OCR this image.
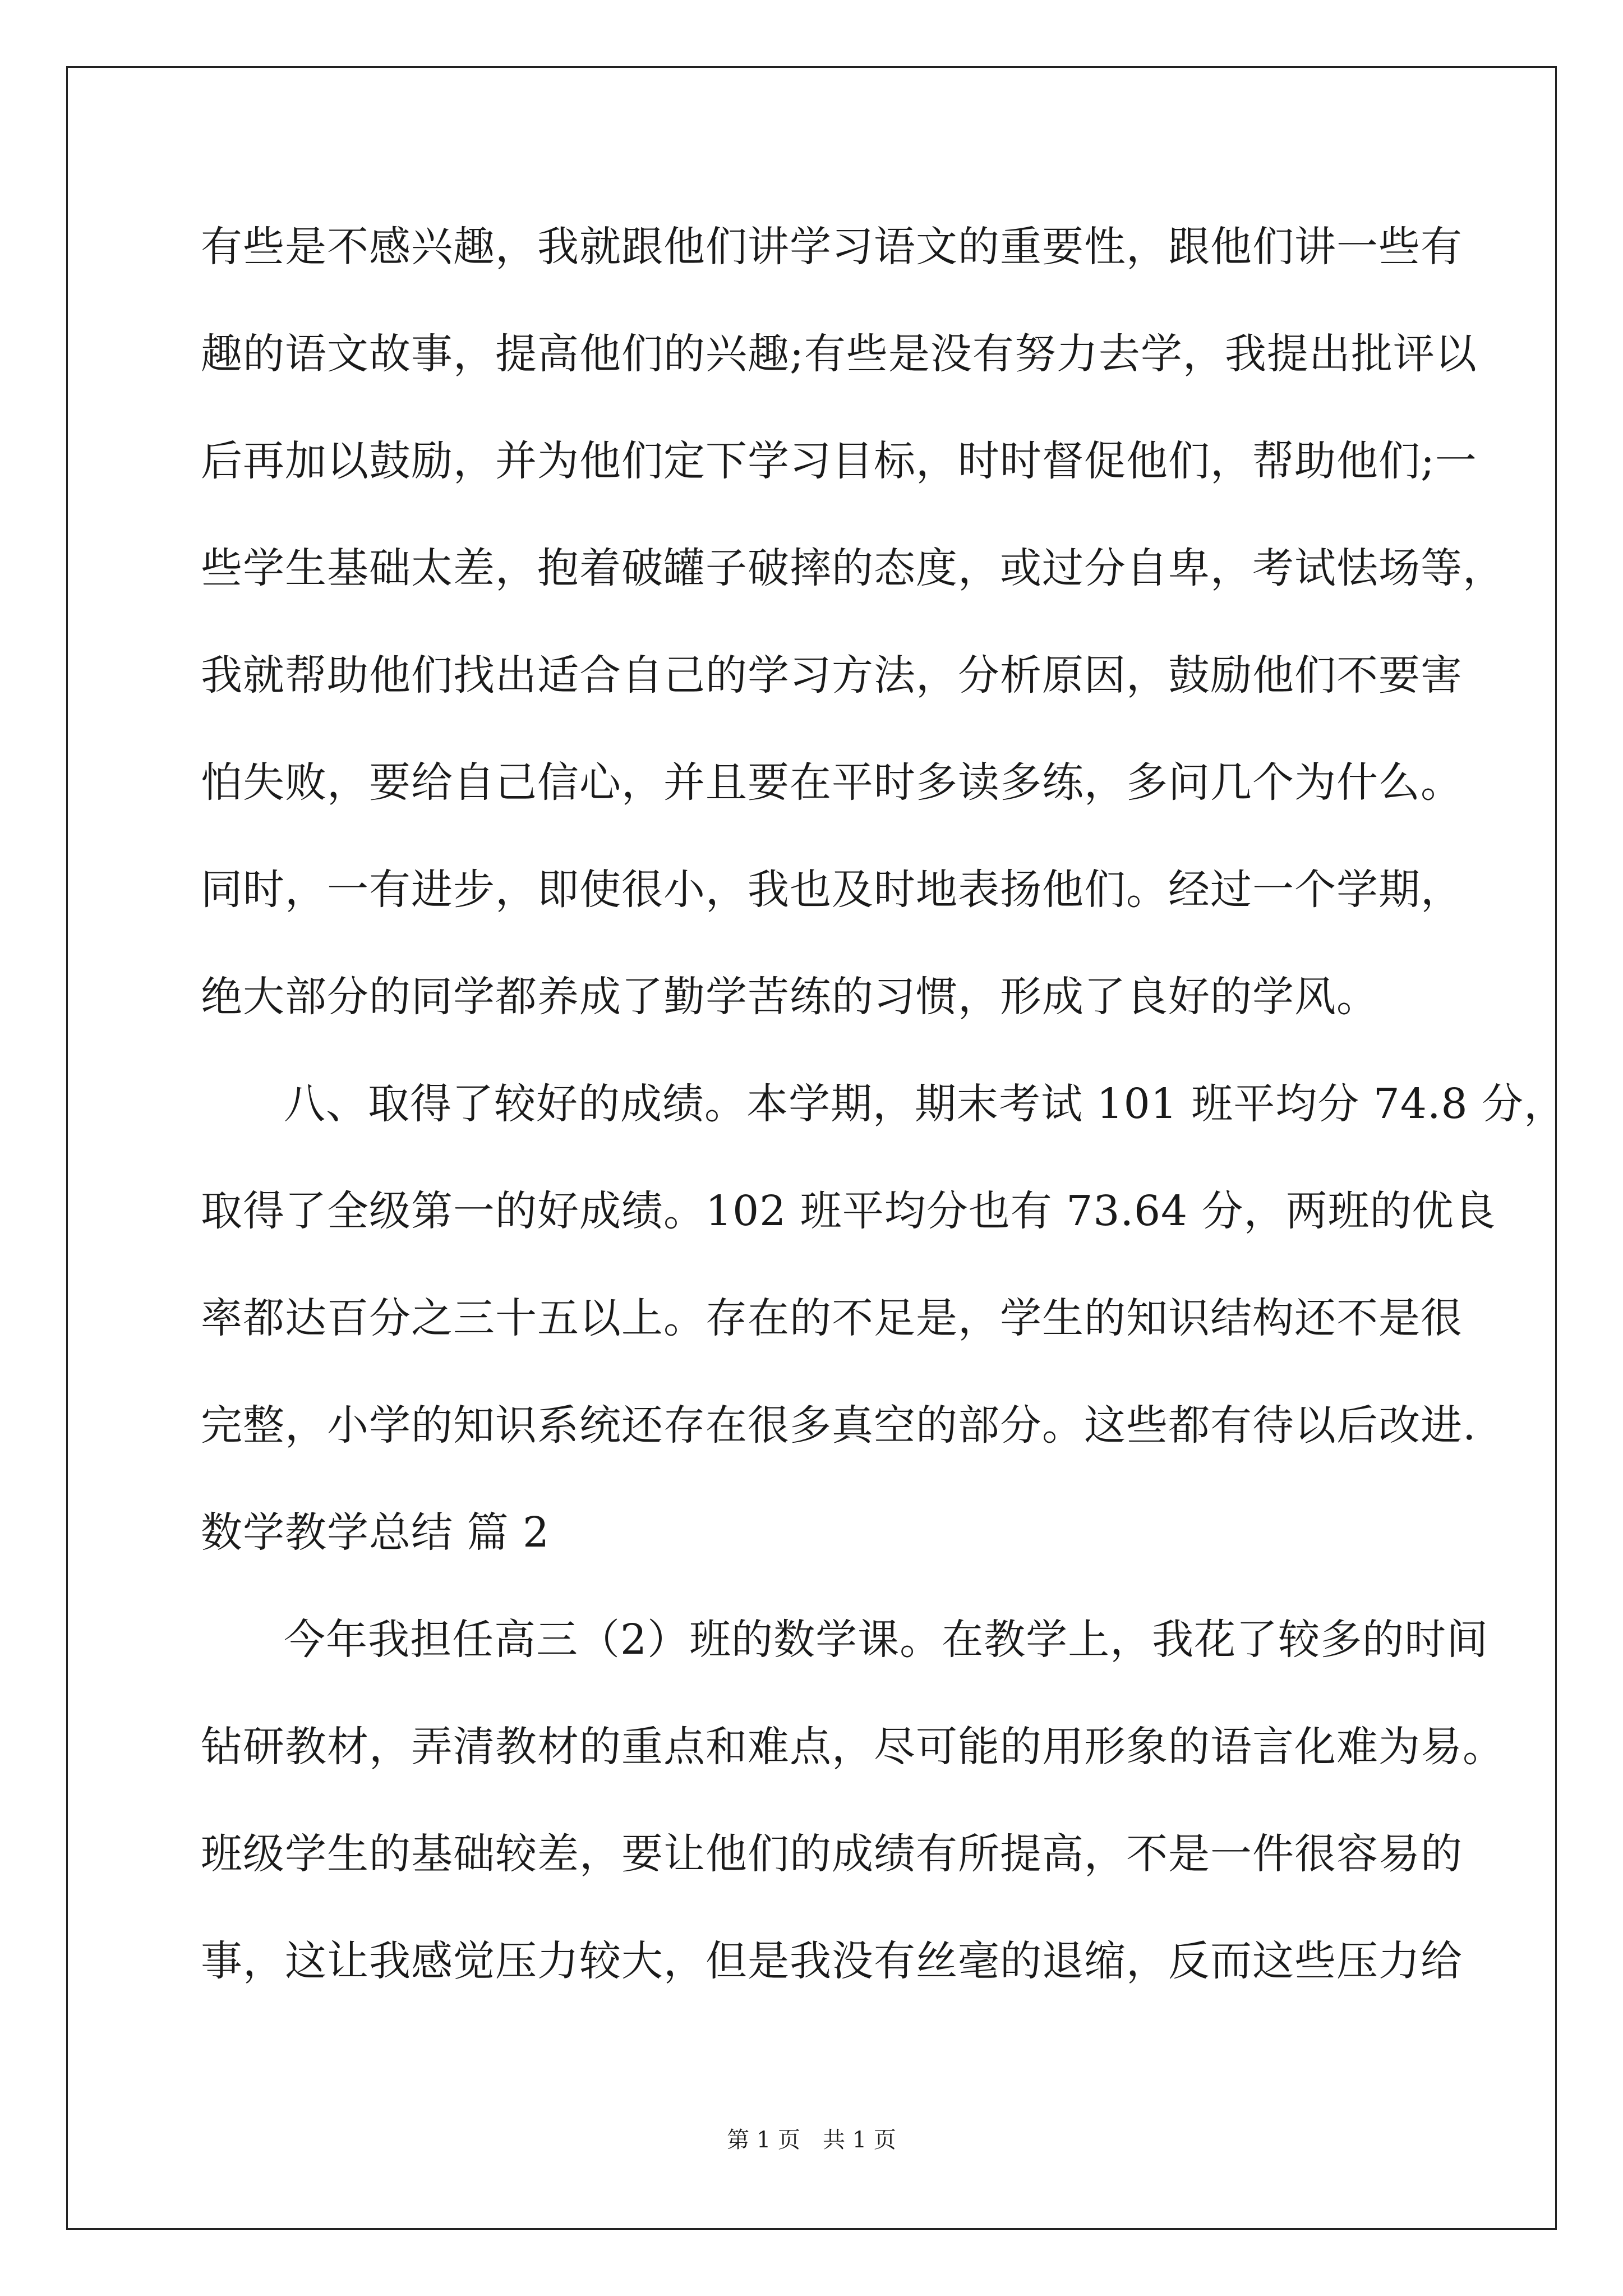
有些是不感兴趣，我就跟他们讲学习语文的重要性，跟他们讲一些有
趣的语文故事，提高他们的兴趣;有些是没有努力去学，我提出批评以
后再加以鼓励，并为他们定下学习目标，时时督促他们，帮助他们;一
些学生基础太差，抱着破罐子破摔的态度，或过分自卑，考试怯场等，
我就帮助他们找出适合自己的学习方法，分析原因，鼓励他们不要害
怕失败，要给自己信心，并且要在平时多读多练，多问几个为什么。
同时，一有进步，即使很小，我也及时地表扬他们。经过一个学期，
绝大部分的同学都养成了勤学苦练的习惯，形成了良好的学风。
八、取得了较好的成绩。本学期，期末考试 101 班平均分 74.8 分，
取得了全级第一的好成绩。102 班平均分也有 73.64 分，两班的优良
率都达百分之三十五以上。存在的不足是，学生的知识结构还不是很
完整，小学的知识系统还存在很多真空的部分。这些都有待以后改进.
数学教学总结 篇 2
今年我担任高三（2）班的数学课。在教学上，我花了较多的时间
钻研教材，弄清教材的重点和难点，尽可能的用形象的语言化难为易。
班级学生的基础较差，要让他们的成绩有所提高，不是一件很容易的
事，这让我感觉压力较大，但是我没有丝毫的退缩，反而这些压力给
第 1 页　共 1 页
